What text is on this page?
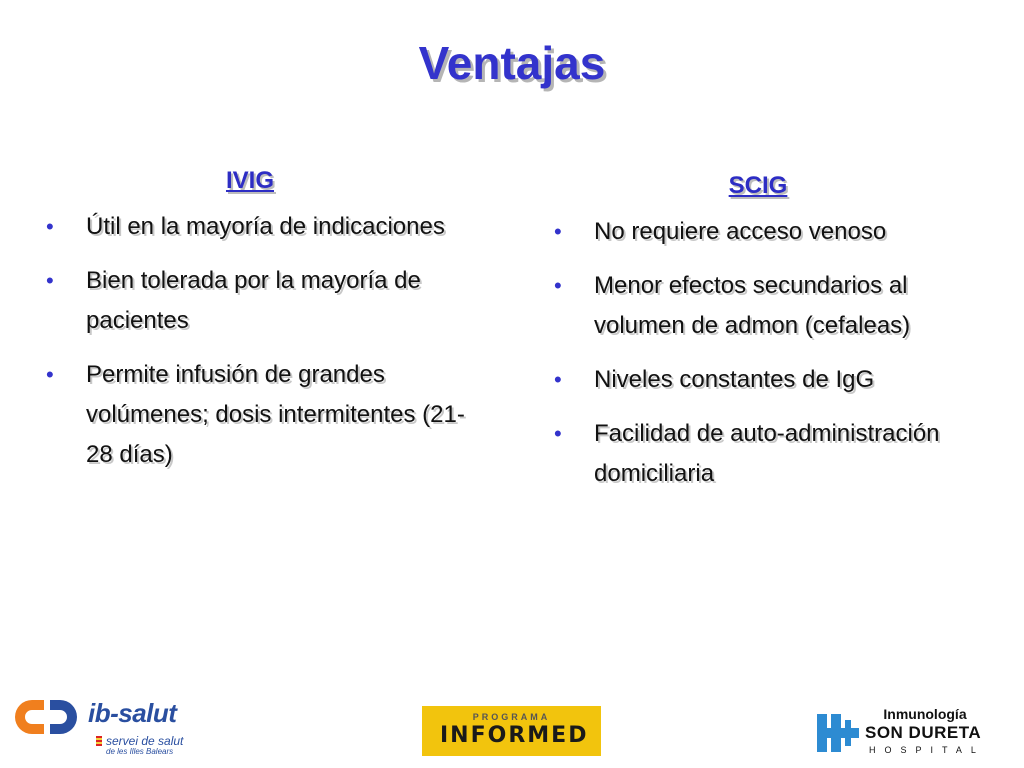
Ventajas
IVIG
• Útil en la mayoría de indicaciones
• Bien tolerada por la mayoría de pacientes
• Permite infusión de grandes volúmenes; dosis intermitentes (21-28 días)
SCIG
• No requiere acceso venoso
• Menor efectos secundarios al volumen de admon (cefaleas)
• Niveles constantes de IgG
• Facilidad de auto-administración domiciliaria
ib-salut
servei de salut
de les Illes Balears
PROGRAMA
INFORMED
Inmunología
SON DURETA
HOSPITAL
